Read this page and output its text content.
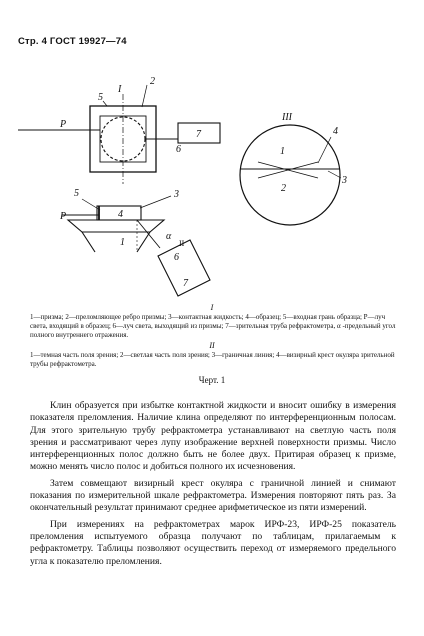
Стр. 4 ГОСТ 19927—74
I
III
II
2
5
P
6
7	4
1
2
3
5	3
4
P
1
α
6
7
I
1—призма; 2—преломляющее ребро призмы; 3—контактная жидкость; 4—образец; 5—входная грань образца; P—луч света, входящий в образец; 6—луч света, выходящий из призмы; 7—зрительная труба рефрактометра, α -предельный угол полного внутреннего отражения.
II
1—темная часть поля зрения; 2—светлая часть поля зрения; 3—граничная линия; 4—визирный крест окуляра зрительной трубы рефрактометра.
Черт. 1

Клин образуется при избытке контактной жидкости и вносит ошибку в измерения показателя преломления. Наличие клина определяют по интерференционным полосам. Для этого зрительную трубу рефрактометра устанавливают на светлую часть поля зрения и рассматривают через лупу изображение верхней поверхности призмы. Число интерференционных полос должно быть не более двух. Притирая образец к призме, можно менять число полос и добиться полного их исчезновения.

Затем совмещают визирный крест окуляра с граничной линией и снимают показания по измерительной шкале рефрактометра. Измерения повторяют пять раз. За окончательный результат принимают среднее арифметическое из пяти измерений.

При измерениях на рефрактометрах марок ИРФ-23, ИРФ-25 показатель преломления испытуемого образца получают по таблицам, прилагаемым к рефрактометру. Таблицы позволяют осуществить переход от измеряемого предельного угла к показателю преломления.
